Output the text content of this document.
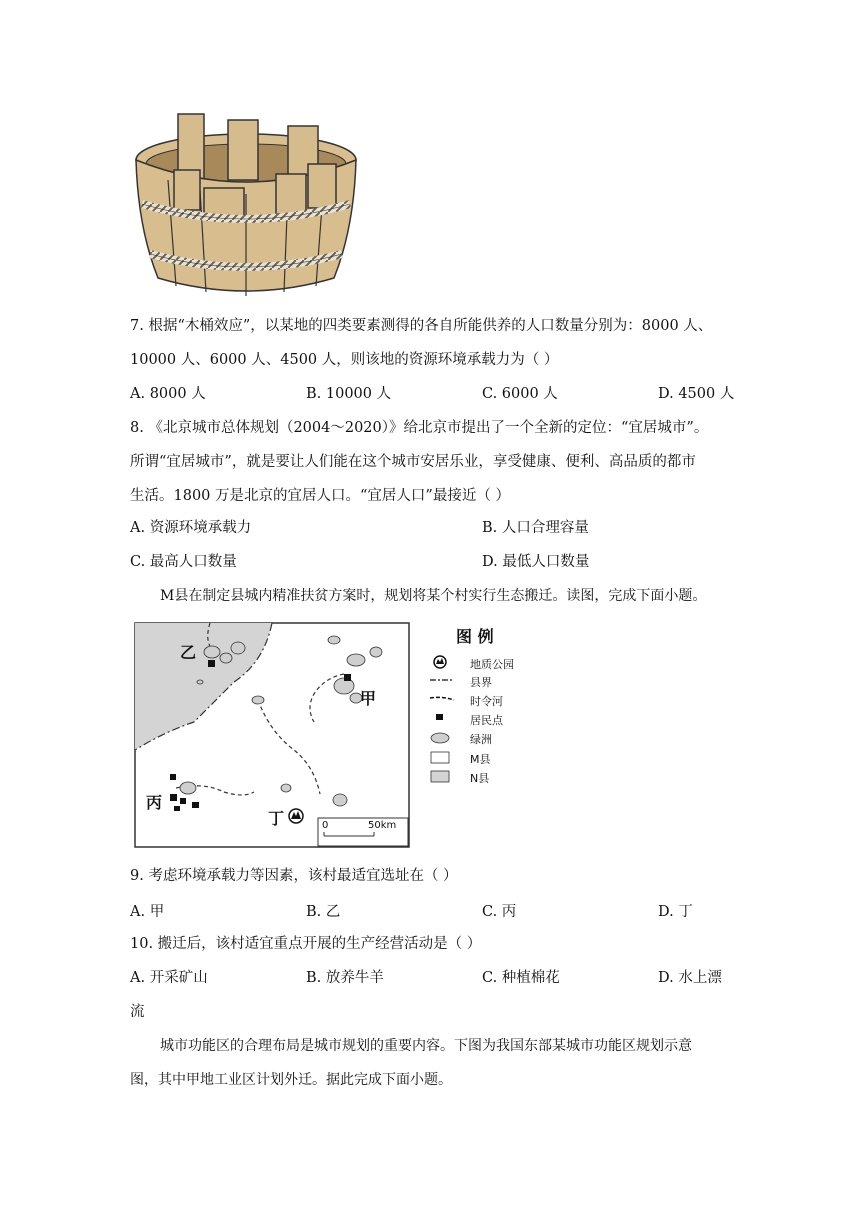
7. 根据“木桶效应”，以某地的四类要素测得的各自所能供养的人口数量分别为：8000 人、
10000 人、6000 人、4500 人，则该地的资源环境承载力为（ ）
A. 8000 人	B. 10000 人	C. 6000 人	D. 4500 人
8. 《北京城市总体规划（2004～2020）》给北京市提出了一个全新的定位：“宜居城市”。
所谓“宜居城市”，就是要让人们能在这个城市安居乐业，享受健康、便利、高品质的都市
生活。1800 万是北京的宜居人口。“宜居人口”最接近（ ）
A. 资源环境承载力	B. 人口合理容量
C. 最高人口数量	D. 最低人口数量
M县在制定县城内精准扶贫方案时，规划将某个村实行生态搬迁。读图，完成下面小题。
乙
甲
丙
丁	0	50km
图 例
地质公园
县界
时令河
居民点
绿洲
M县
N县
9. 考虑环境承载力等因素，该村最适宜选址在（ ）
A. 甲	B. 乙	C. 丙	D. 丁
10. 搬迁后，该村适宜重点开展的生产经营活动是（ ）
A. 开采矿山	B. 放养牛羊	C. 种植棉花	D. 水上漂
流
城市功能区的合理布局是城市规划的重要内容。下图为我国东部某城市功能区规划示意
图，其中甲地工业区计划外迁。据此完成下面小题。
